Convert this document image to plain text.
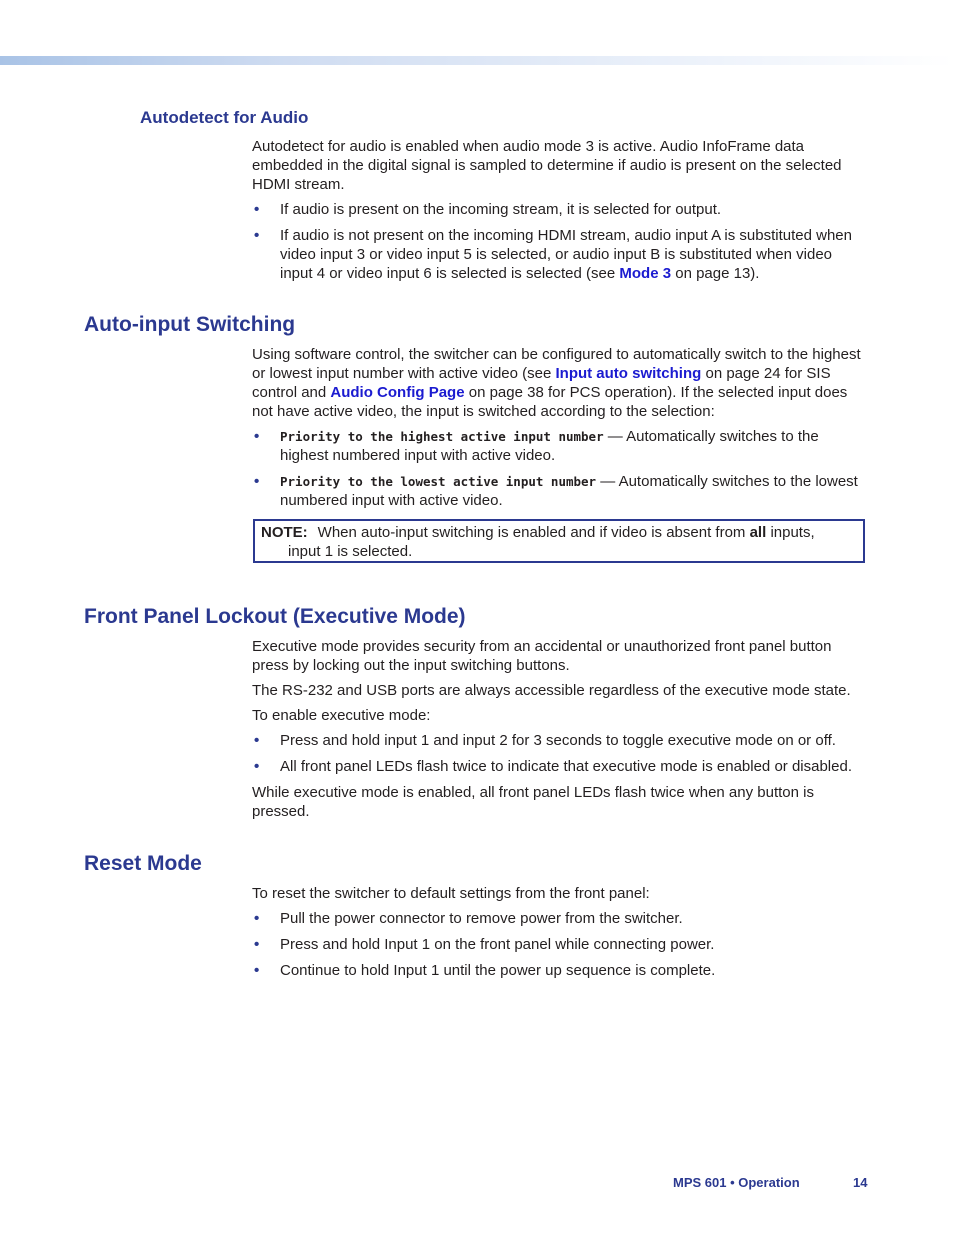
Autodetect for Audio

Autodetect for audio is enabled when audio mode 3 is active. Audio InfoFrame data embedded in the digital signal is sampled to determine if audio is present on the selected HDMI stream.

• If audio is present on the incoming stream, it is selected for output.
• If audio is not present on the incoming HDMI stream, audio input A is substituted when video input 3 or video input 5 is selected, or audio input B is substituted when video input 4 or video input 6 is selected is selected (see Mode 3 on page 13).
Auto-input Switching

Using software control, the switcher can be configured to automatically switch to the highest or lowest input number with active video (see Input auto switching on page 24 for SIS control and Audio Config Page on page 38 for PCS operation). If the selected input does not have active video, the input is switched according to the selection:

• Priority to the highest active input number — Automatically switches to the highest numbered input with active video.
• Priority to the lowest active input number — Automatically switches to the lowest numbered input with active video.
NOTE: When auto-input switching is enabled and if video is absent from all inputs,
input 1 is selected.
Front Panel Lockout (Executive Mode)

Executive mode provides security from an accidental or unauthorized front panel button press by locking out the input switching buttons.

The RS-232 and USB ports are always accessible regardless of the executive mode state.

To enable executive mode:

• Press and hold input 1 and input 2 for 3 seconds to toggle executive mode on or off.
• All front panel LEDs flash twice to indicate that executive mode is enabled or disabled.

While executive mode is enabled, all front panel LEDs flash twice when any button is pressed.

Reset Mode

To reset the switcher to default settings from the front panel:

• Pull the power connector to remove power from the switcher.
• Press and hold Input 1 on the front panel while connecting power.
• Continue to hold Input 1 until the power up sequence is complete.
MPS 601 • Operation	14
